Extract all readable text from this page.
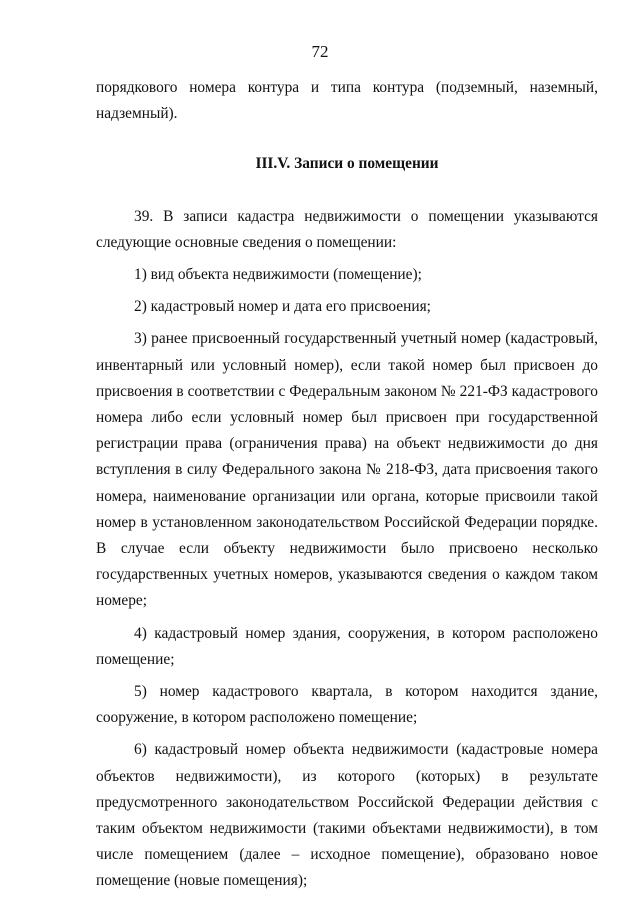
72

порядкового номера контура и типа контура (подземный, наземный, надземный).

III.V. Записи о помещении

39. В записи кадастра недвижимости о помещении указываются следующие основные сведения о помещении:

1) вид объекта недвижимости (помещение);

2) кадастровый номер и дата его присвоения;

3) ранее присвоенный государственный учетный номер (кадастровый, инвентарный или условный номер), если такой номер был присвоен до присвоения в соответствии с Федеральным законом № 221-ФЗ кадастрового номера либо если условный номер был присвоен при государственной регистрации права (ограничения права) на объект недвижимости до дня вступления в силу Федерального закона № 218-ФЗ, дата присвоения такого номера, наименование организации или органа, которые присвоили такой номер в установленном законодательством Российской Федерации порядке. В случае если объекту недвижимости было присвоено несколько государственных учетных номеров, указываются сведения о каждом таком номере;

4) кадастровый номер здания, сооружения, в котором расположено помещение;

5) номер кадастрового квартала, в котором находится здание, сооружение, в котором расположено помещение;

6) кадастровый номер объекта недвижимости (кадастровые номера объектов недвижимости), из которого (которых) в результате предусмотренного законодательством Российской Федерации действия с таким объектом недвижимости (такими объектами недвижимости), в том числе помещением (далее – исходное помещение), образовано новое помещение (новые помещения);
